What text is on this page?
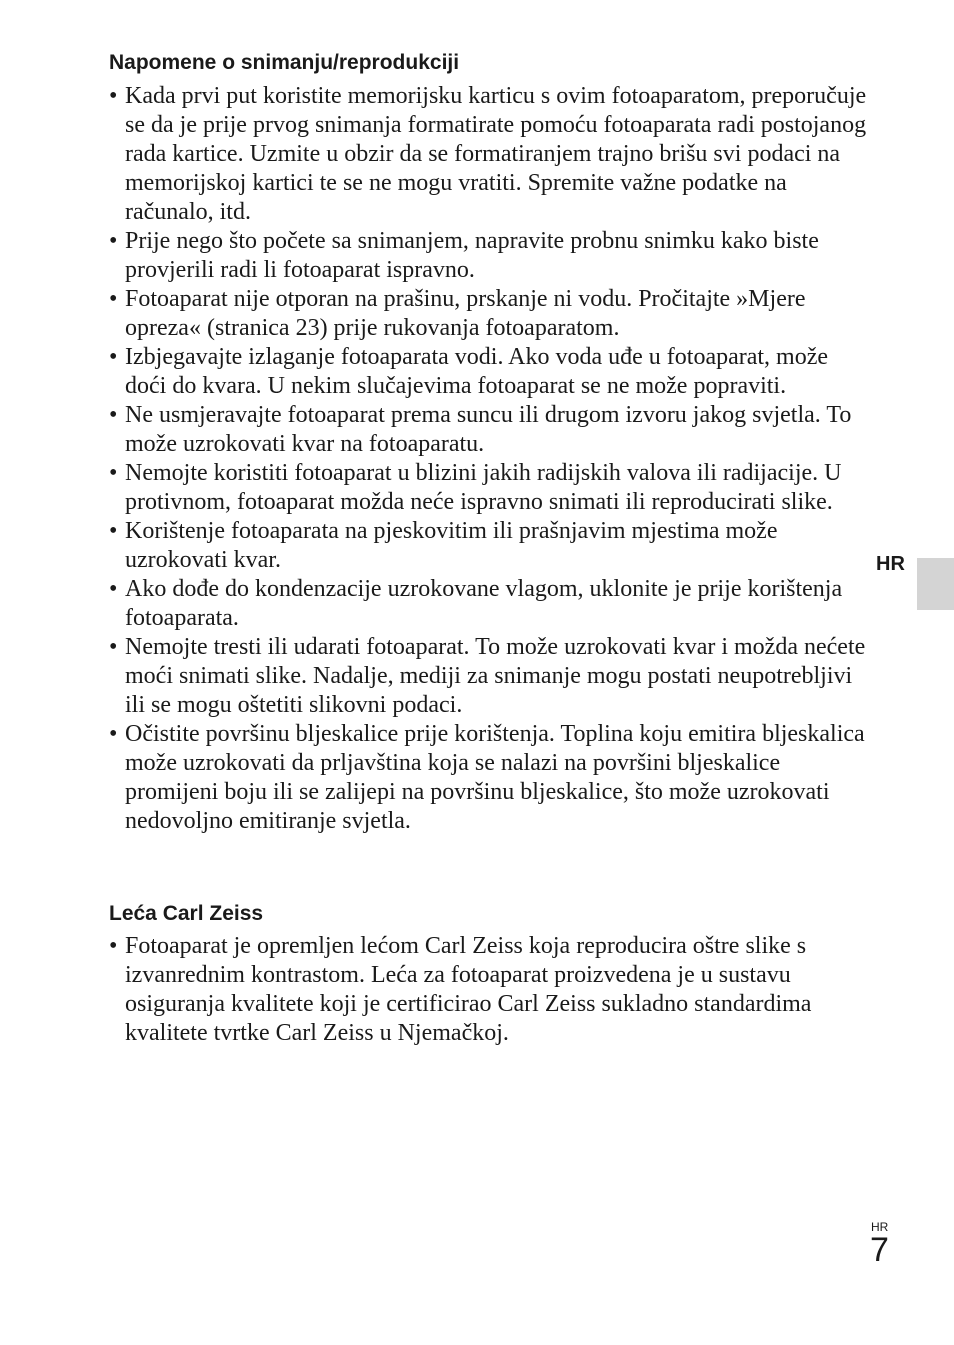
Napomene o snimanju/reprodukciji
• Kada prvi put koristite memorijsku karticu s ovim fotoaparatom, preporučuje se da je prije prvog snimanja formatirate pomoću fotoaparata radi postojanog rada kartice. Uzmite u obzir da se formatiranjem trajno brišu svi podaci na memorijskoj kartici te se ne mogu vratiti. Spremite važne podatke na računalo, itd.
• Prije nego što počete sa snimanjem, napravite probnu snimku kako biste provjerili radi li fotoaparat ispravno.
• Fotoaparat nije otporan na prašinu, prskanje ni vodu. Pročitajte »Mjere opreza« (stranica 23) prije rukovanja fotoaparatom.
• Izbjegavajte izlaganje fotoaparata vodi. Ako voda uđe u fotoaparat, može doći do kvara. U nekim slučajevima fotoaparat se ne može popraviti.
• Ne usmjeravajte fotoaparat prema suncu ili drugom izvoru jakog svjetla. To može uzrokovati kvar na fotoaparatu.
• Nemojte koristiti fotoaparat u blizini jakih radijskih valova ili radijacije. U protivnom, fotoaparat možda neće ispravno snimati ili reproducirati slike.
• Korištenje fotoaparata na pjeskovitim ili prašnjavim mjestima može uzrokovati kvar.
• Ako dođe do kondenzacije uzrokovane vlagom, uklonite je prije korištenja fotoaparata.
• Nemojte tresti ili udarati fotoaparat. To može uzrokovati kvar i možda nećete moći snimati slike. Nadalje, mediji za snimanje mogu postati neupotrebljivi ili se mogu oštetiti slikovni podaci.
• Očistite površinu bljeskalice prije korištenja. Toplina koju emitira bljeskalica može uzrokovati da prljavština koja se nalazi na površini bljeskalice promijeni boju ili se zalijepi na površinu bljeskalice, što može uzrokovati nedovoljno emitiranje svjetla.
Leća Carl Zeiss
• Fotoaparat je opremljen lećom Carl Zeiss koja reproducira oštre slike s izvanrednim kontrastom. Leća za fotoaparat proizvedena je u sustavu osiguranja kvalitete koji je certificirao Carl Zeiss sukladno standardima kvalitete tvrtke Carl Zeiss u Njemačkoj.
HR
HR
7
